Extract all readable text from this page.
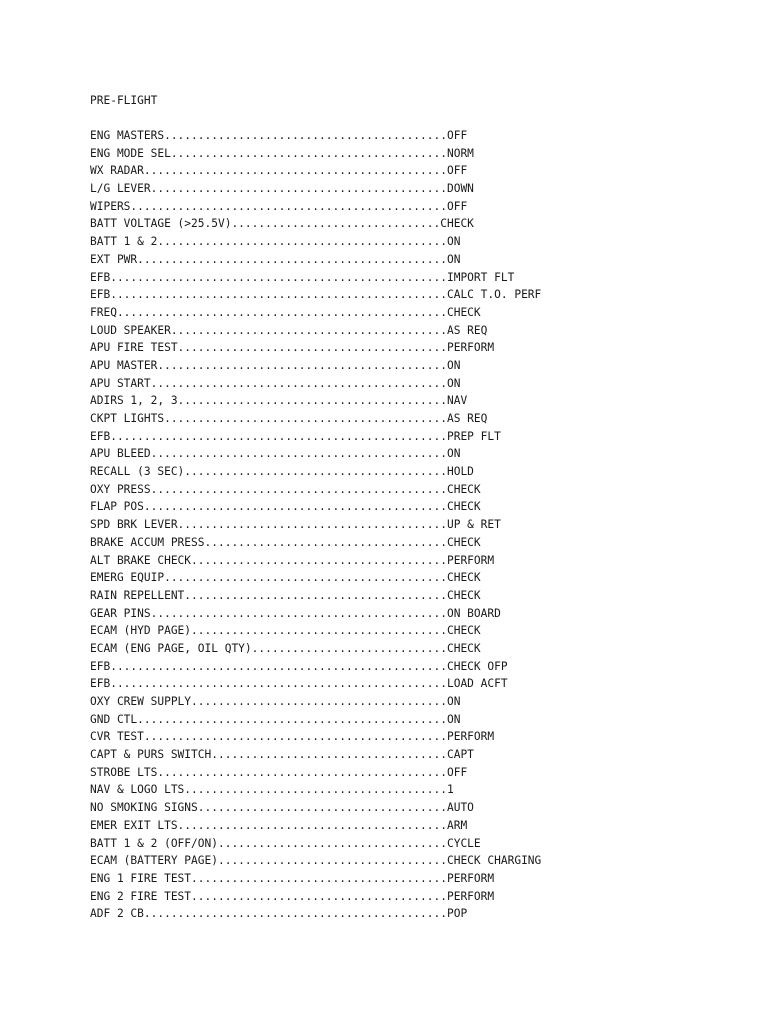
PRE-FLIGHT
ENG MASTERS..........................................OFF
ENG MODE SEL.........................................NORM
WX RADAR.............................................OFF
L/G LEVER............................................DOWN
WIPERS...............................................OFF
BATT VOLTAGE (>25.5V)...............................CHECK
BATT 1 & 2...........................................ON
EXT PWR..............................................ON
EFB..................................................IMPORT FLT
EFB..................................................CALC T.O. PERF
FREQ.................................................CHECK
LOUD SPEAKER.........................................AS REQ
APU FIRE TEST........................................PERFORM
APU MASTER...........................................ON
APU START............................................ON
ADIRS 1, 2, 3........................................NAV
CKPT LIGHTS..........................................AS REQ
EFB..................................................PREP FLT
APU BLEED............................................ON
RECALL (3 SEC).......................................HOLD
OXY PRESS............................................CHECK
FLAP POS.............................................CHECK
SPD BRK LEVER........................................UP & RET
BRAKE ACCUM PRESS....................................CHECK
ALT BRAKE CHECK......................................PERFORM
EMERG EQUIP..........................................CHECK
RAIN REPELLENT.......................................CHECK
GEAR PINS............................................ON BOARD
ECAM (HYD PAGE)......................................CHECK
ECAM (ENG PAGE, OIL QTY).............................CHECK
EFB..................................................CHECK OFP
EFB..................................................LOAD ACFT
OXY CREW SUPPLY......................................ON
GND CTL..............................................ON
CVR TEST.............................................PERFORM
CAPT & PURS SWITCH...................................CAPT
STROBE LTS...........................................OFF
NAV & LOGO LTS.......................................1
NO SMOKING SIGNS.....................................AUTO
EMER EXIT LTS........................................ARM
BATT 1 & 2 (OFF/ON)..................................CYCLE
ECAM (BATTERY PAGE)..................................CHECK CHARGING
ENG 1 FIRE TEST......................................PERFORM
ENG 2 FIRE TEST......................................PERFORM
ADF 2 CB.............................................POP
